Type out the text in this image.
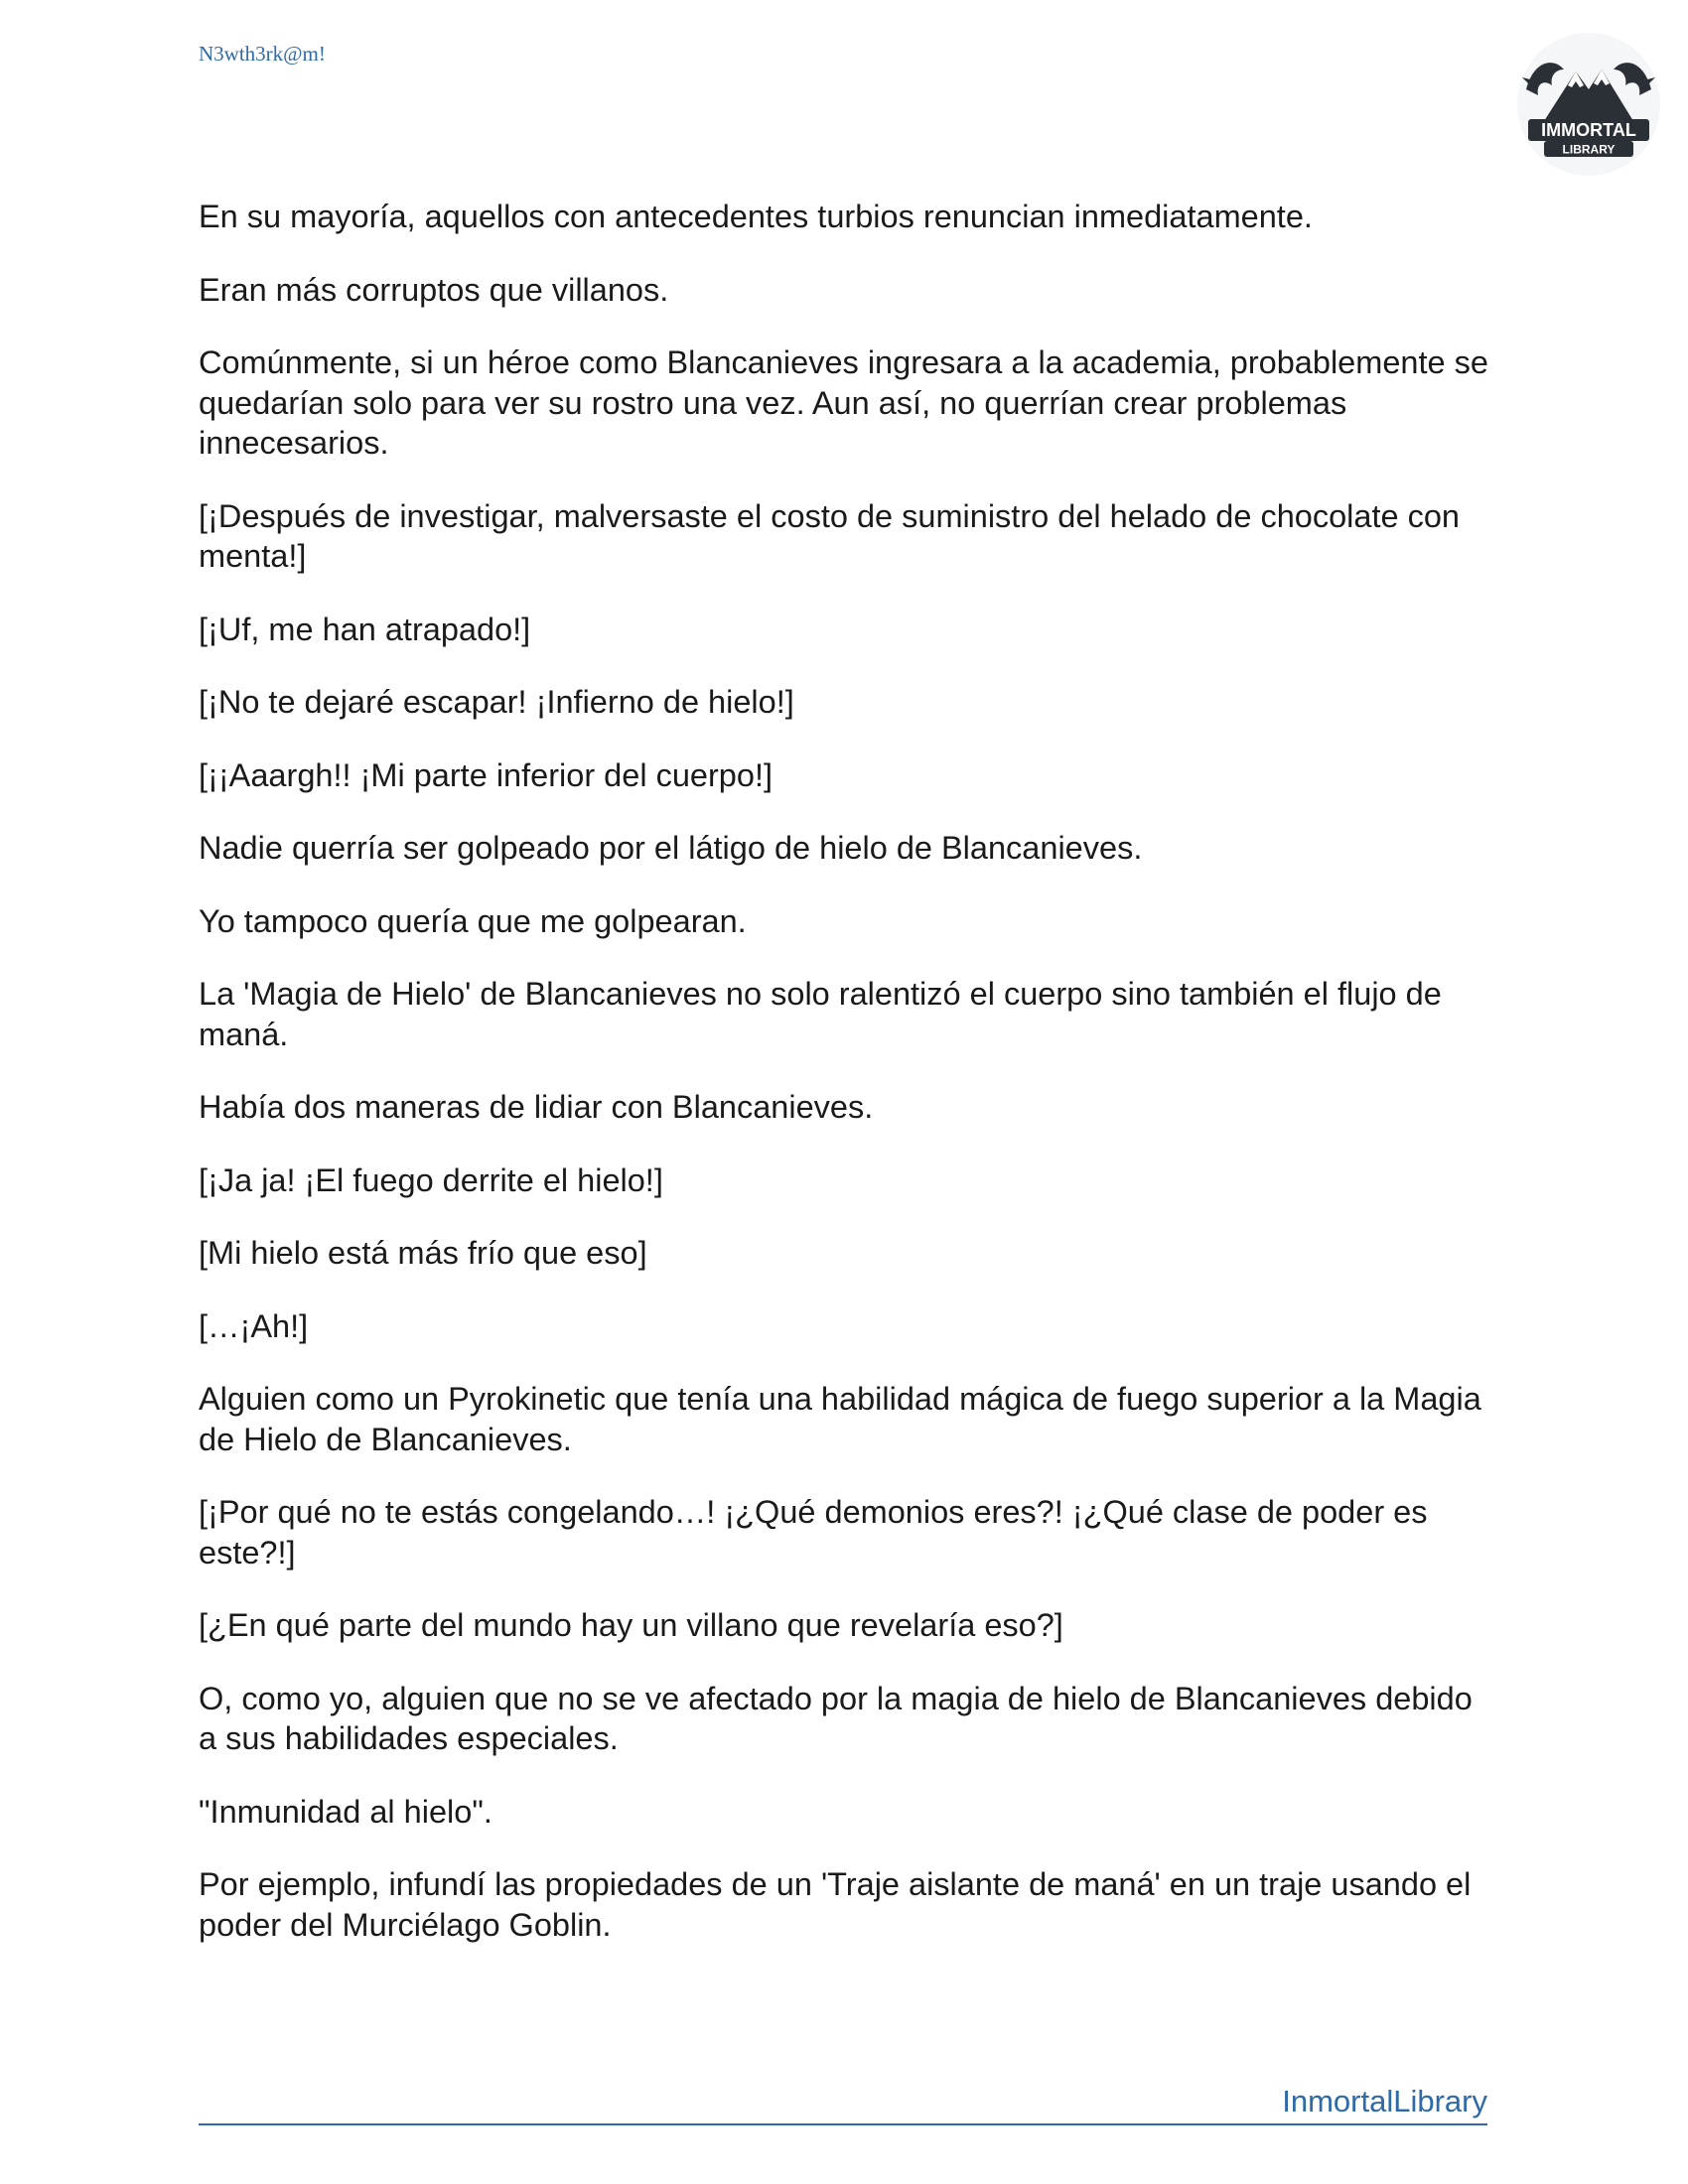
N3wth3rk@m!
IMMORTAL
LIBRARY

En su mayoría, aquellos con antecedentes turbios renuncian inmediatamente.

Eran más corruptos que villanos.

Comúnmente, si un héroe como Blancanieves ingresara a la academia, probablemente se quedarían solo para ver su rostro una vez. Aun así, no querrían crear problemas innecesarios.

[¡Después de investigar, malversaste el costo de suministro del helado de chocolate con menta!]

[¡Uf, me han atrapado!]

[¡No te dejaré escapar! ¡Infierno de hielo!]

[¡¡Aaargh!! ¡Mi parte inferior del cuerpo!]

Nadie querría ser golpeado por el látigo de hielo de Blancanieves.

Yo tampoco quería que me golpearan.

La 'Magia de Hielo' de Blancanieves no solo ralentizó el cuerpo sino también el flujo de maná.

Había dos maneras de lidiar con Blancanieves.

[¡Ja ja! ¡El fuego derrite el hielo!]

[Mi hielo está más frío que eso]

[…¡Ah!]

Alguien como un Pyrokinetic que tenía una habilidad mágica de fuego superior a la Magia de Hielo de Blancanieves.

[¡Por qué no te estás congelando…! ¡¿Qué demonios eres?! ¡¿Qué clase de poder es este?!]

[¿En qué parte del mundo hay un villano que revelaría eso?]

O, como yo, alguien que no se ve afectado por la magia de hielo de Blancanieves debido a sus habilidades especiales.

"Inmunidad al hielo".

Por ejemplo, infundí las propiedades de un 'Traje aislante de maná' en un traje usando el poder del Murciélago Goblin.

InmortalLibrary
